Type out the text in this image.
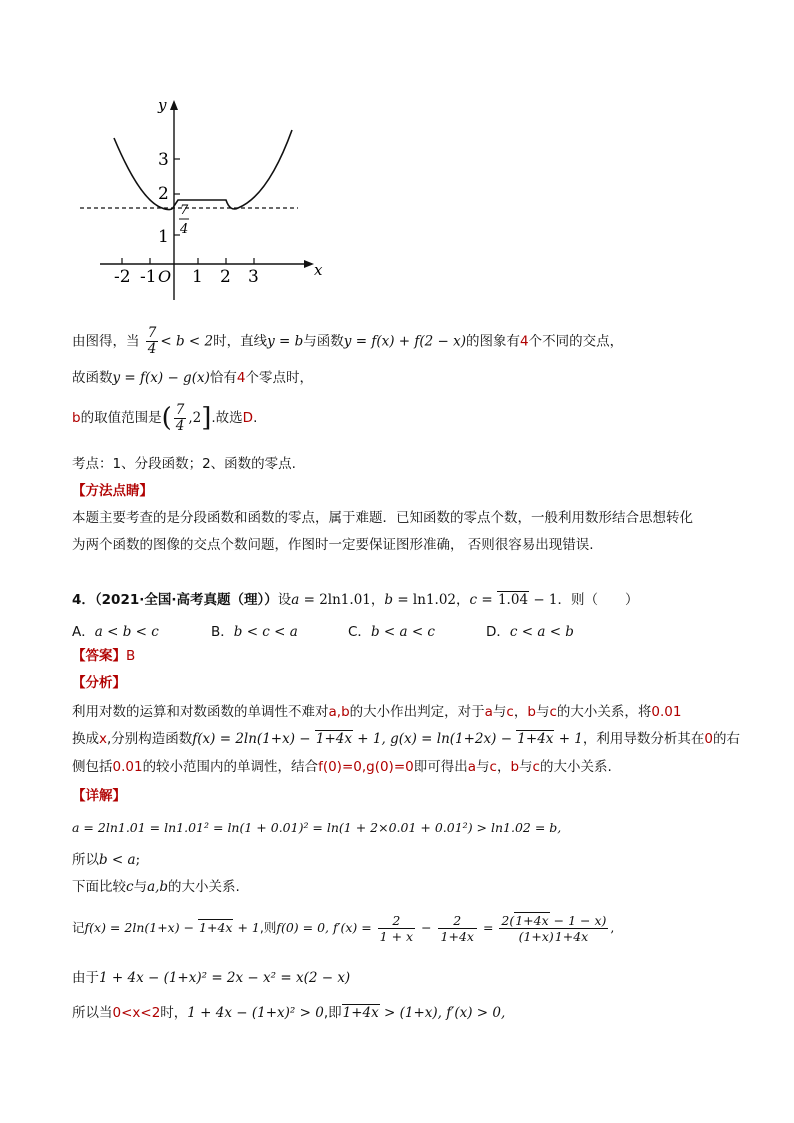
y
x
O
3
2
1
7
4
-2 -1 1 2 3
由图得，当 $\frac{7}{4} < b < 2$时，直线y = b与函数y = f(x) + f(2 − x)的图象有4个不同的交点，
故函数y = f(x) − g(x)恰有4个零点时，
b的取值范围是( $\frac{7}{4} ,2$].故选D.
考点：1、分段函数；2、函数的零点.
【方法点睛】
本题主要考查的是分段函数和函数的零点，属于难题．已知函数的零点个数，一般利用数形结合思想转化
为两个函数的图像的交点个数问题，作图时一定要保证图形准确， 否则很容易出现错误.
4．（2021·全国·高考真题（理））设a = 2ln1.01，b = ln1.02，c = 1.04 − 1．则（　　）
A．a < b < c	B．b < c < a	C．b < a < c	D．c < a < b
【答案】B
【分析】
利用对数的运算和对数函数的单调性不难对a,b的大小作出判定，对于a与c，b与c的大小关系，将0.01
换成x,分别构造函数f(x) = 2ln(1+x) − 1+4x + 1, g(x) = ln(1+2x) − 1+4x + 1，利用导数分析其在0的右
侧包括0.01的较小范围内的单调性，结合f(0)=0,g(0)=0即可得出a与c，b与c的大小关系.
【详解】
a = 2ln1.01 = ln1.01² = ln(1 + 0.01)² = ln(1 + 2×0.01 + 0.01²) > ln1.02 = b,
所以b < a;
下面比较c与a,b的大小关系.
记f(x) = 2ln(1+x) − 1+4x + 1,则f(0) = 0, $f'(x) = \frac{2}{1 + x} - \frac{2}{1+4x} = \frac{2(1+4x - 1 - x)}{(1+x)1+4x}$ ,
由于1 + 4x − (1+x)² = 2x − x² = x(2 − x)
所以当0<x<2时，1 + 4x − (1+x)² > 0,即1+4x > (1+x), f′(x) > 0,
